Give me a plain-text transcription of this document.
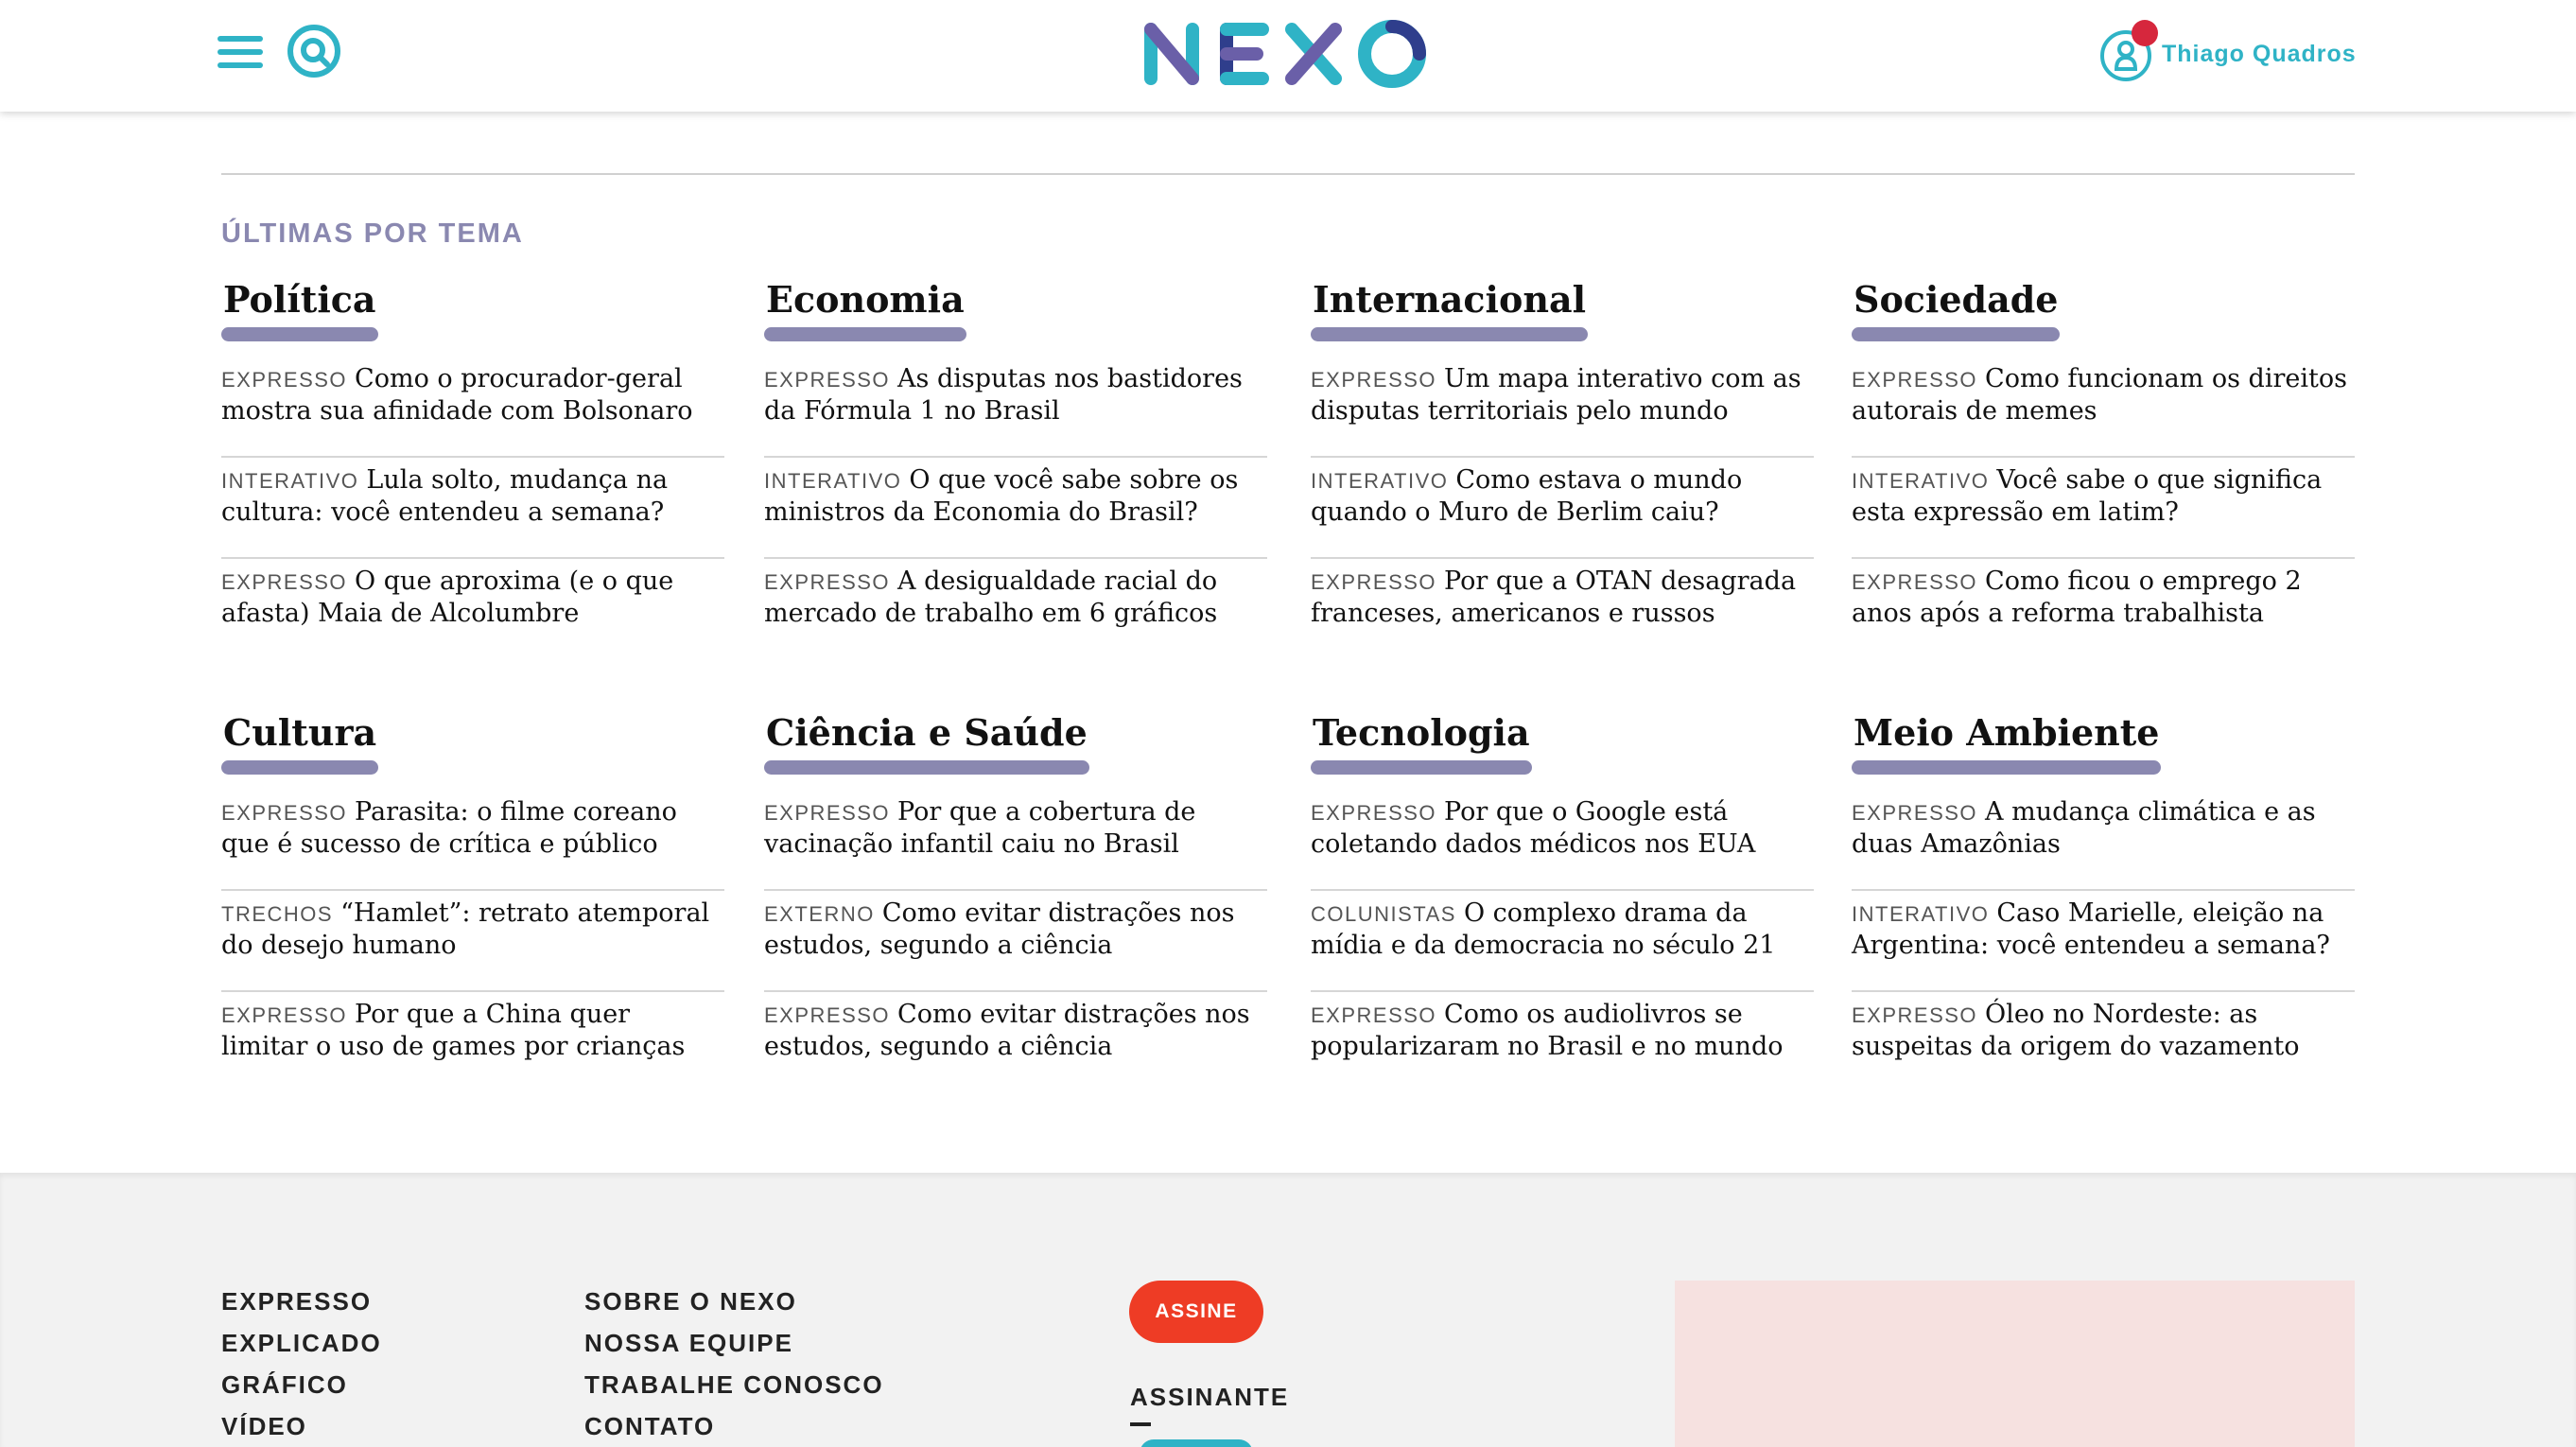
Thiago Quadros
ÚLTIMAS POR TEMA
Política
EXPRESSO Como o procurador-geral mostra sua afinidade com Bolsonaro
INTERATIVO Lula solto, mudança na cultura: você entendeu a semana?
EXPRESSO O que aproxima (e o que afasta) Maia de Alcolumbre
Economia
EXPRESSO As disputas nos bastidores da Fórmula 1 no Brasil
INTERATIVO O que você sabe sobre os ministros da Economia do Brasil?
EXPRESSO A desigualdade racial do mercado de trabalho em 6 gráficos
Internacional
EXPRESSO Um mapa interativo com as disputas territoriais pelo mundo
INTERATIVO Como estava o mundo quando o Muro de Berlim caiu?
EXPRESSO Por que a OTAN desagrada franceses, americanos e russos
Sociedade
EXPRESSO Como funcionam os direitos autorais de memes
INTERATIVO Você sabe o que significa esta expressão em latim?
EXPRESSO Como ficou o emprego 2 anos após a reforma trabalhista
Cultura
EXPRESSO Parasita: o filme coreano que é sucesso de crítica e público
TRECHOS “Hamlet”: retrato atemporal do desejo humano
EXPRESSO Por que a China quer limitar o uso de games por crianças
Ciência e Saúde
EXPRESSO Por que a cobertura de vacinação infantil caiu no Brasil
EXTERNO Como evitar distrações nos estudos, segundo a ciência
EXPRESSO Como evitar distrações nos estudos, segundo a ciência
Tecnologia
EXPRESSO Por que o Google está coletando dados médicos nos EUA
COLUNISTAS O complexo drama da mídia e da democracia no século 21
EXPRESSO Como os audiolivros se popularizaram no Brasil e no mundo
Meio Ambiente
EXPRESSO A mudança climática e as duas Amazônias
INTERATIVO Caso Marielle, eleição na Argentina: você entendeu a semana?
EXPRESSO Óleo no Nordeste: as suspeitas da origem do vazamento
EXPRESSO
EXPLICADO
GRÁFICO
VÍDEO
SOBRE O NEXO
NOSSA EQUIPE
TRABALHE CONOSCO
CONTATO
ASSINE
ASSINANTE
